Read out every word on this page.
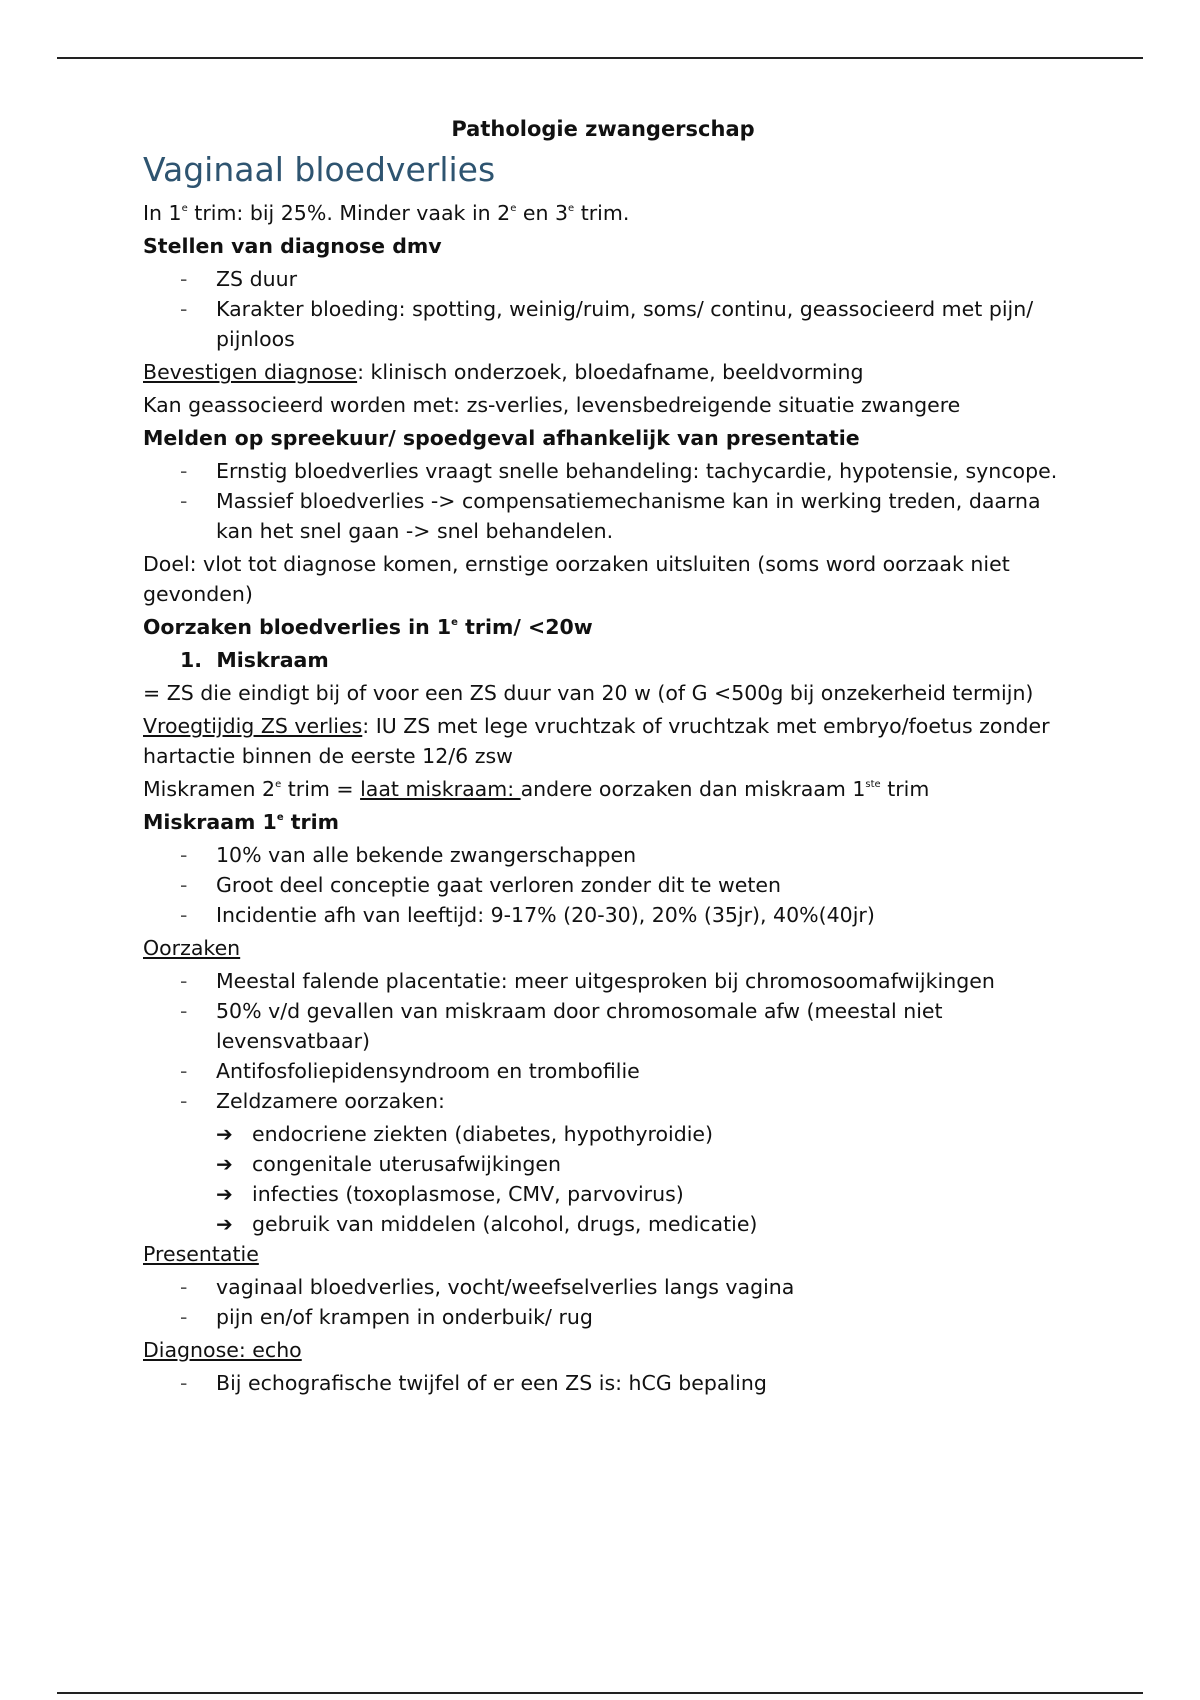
Pathologie zwangerschap
Vaginaal bloedverlies

In 1e trim: bij 25%. Minder vaak in 2e en 3e trim.

Stellen van diagnose dmv

- ZS duur
- Karakter bloeding: spotting, weinig/ruim, soms/ continu, geassocieerd met pijn/ pijnloos

Bevestigen diagnose: klinisch onderzoek, bloedafname, beeldvorming

Kan geassocieerd worden met: zs-verlies, levensbedreigende situatie zwangere

Melden op spreekuur/ spoedgeval afhankelijk van presentatie

- Ernstig bloedverlies vraagt snelle behandeling: tachycardie, hypotensie, syncope.
- Massief bloedverlies -> compensatiemechanisme kan in werking treden, daarna kan het snel gaan -> snel behandelen.

Doel: vlot tot diagnose komen, ernstige oorzaken uitsluiten (soms word oorzaak niet gevonden)

Oorzaken bloedverlies in 1e trim/ <20w

1. Miskraam

= ZS die eindigt bij of voor een ZS duur van 20 w (of G <500g bij onzekerheid termijn)

Vroegtijdig ZS verlies: IU ZS met lege vruchtzak of vruchtzak met embryo/foetus zonder hartactie binnen de eerste 12/6 zsw

Miskramen 2e trim = laat miskraam: andere oorzaken dan miskraam 1ste trim

Miskraam 1e trim

- 10% van alle bekende zwangerschappen
- Groot deel conceptie gaat verloren zonder dit te weten
- Incidentie afh van leeftijd: 9-17% (20-30), 20% (35jr), 40%(40jr)

Oorzaken

- Meestal falende placentatie: meer uitgesproken bij chromosoomafwijkingen
- 50% v/d gevallen van miskraam door chromosomale afw (meestal niet levensvatbaar)
- Antifosfoliepidensyndroom en trombofilie
- Zeldzamere oorzaken:
➔ endocriene ziekten (diabetes, hypothyroidie)
➔ congenitale uterusafwijkingen
➔ infecties (toxoplasmose, CMV, parvovirus)
➔ gebruik van middelen (alcohol, drugs, medicatie)

Presentatie

- vaginaal bloedverlies, vocht/weefselverlies langs vagina
- pijn en/of krampen in onderbuik/ rug

Diagnose: echo

- Bij echografische twijfel of er een ZS is: hCG bepaling
